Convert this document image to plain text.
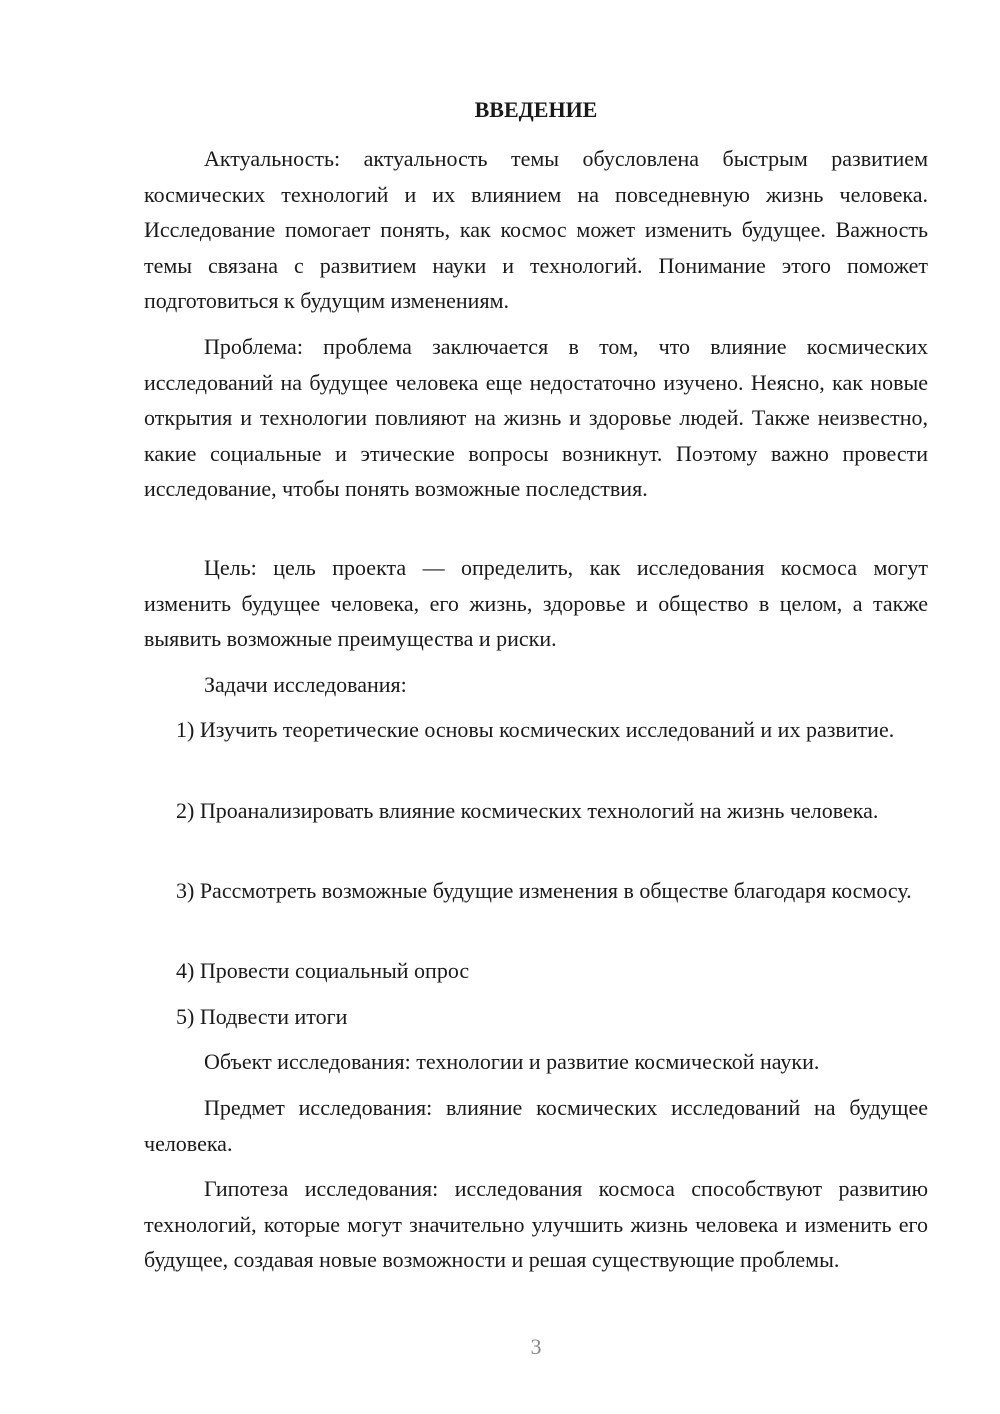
ВВЕДЕНИЕ

Актуальность: актуальность темы обусловлена быстрым развитием космических технологий и их влиянием на повседневную жизнь человека. Исследование помогает понять, как космос может изменить будущее. Важность темы связана с развитием науки и технологий. Понимание этого поможет подготовиться к будущим изменениям.

Проблема: проблема заключается в том, что влияние космических исследований на будущее человека еще недостаточно изучено. Неясно, как новые открытия и технологии повлияют на жизнь и здоровье людей. Также неизвестно, какие социальные и этические вопросы возникнут. Поэтому важно провести исследование, чтобы понять возможные последствия.

Цель: цель проекта — определить, как исследования космоса могут изменить будущее человека, его жизнь, здоровье и общество в целом, а также выявить возможные преимущества и риски.

Задачи исследования:

1) Изучить теоретические основы космических исследований и их развитие.

2) Проанализировать влияние космических технологий на жизнь человека.

3) Рассмотреть возможные будущие изменения в обществе благодаря космосу.

4) Провести социальный опрос

5) Подвести итоги

Объект исследования: технологии и развитие космической науки.

Предмет исследования: влияние космических исследований на будущее человека.

Гипотеза исследования: исследования космоса способствуют развитию технологий, которые могут значительно улучшить жизнь человека и изменить его будущее, создавая новые возможности и решая существующие проблемы.

3
